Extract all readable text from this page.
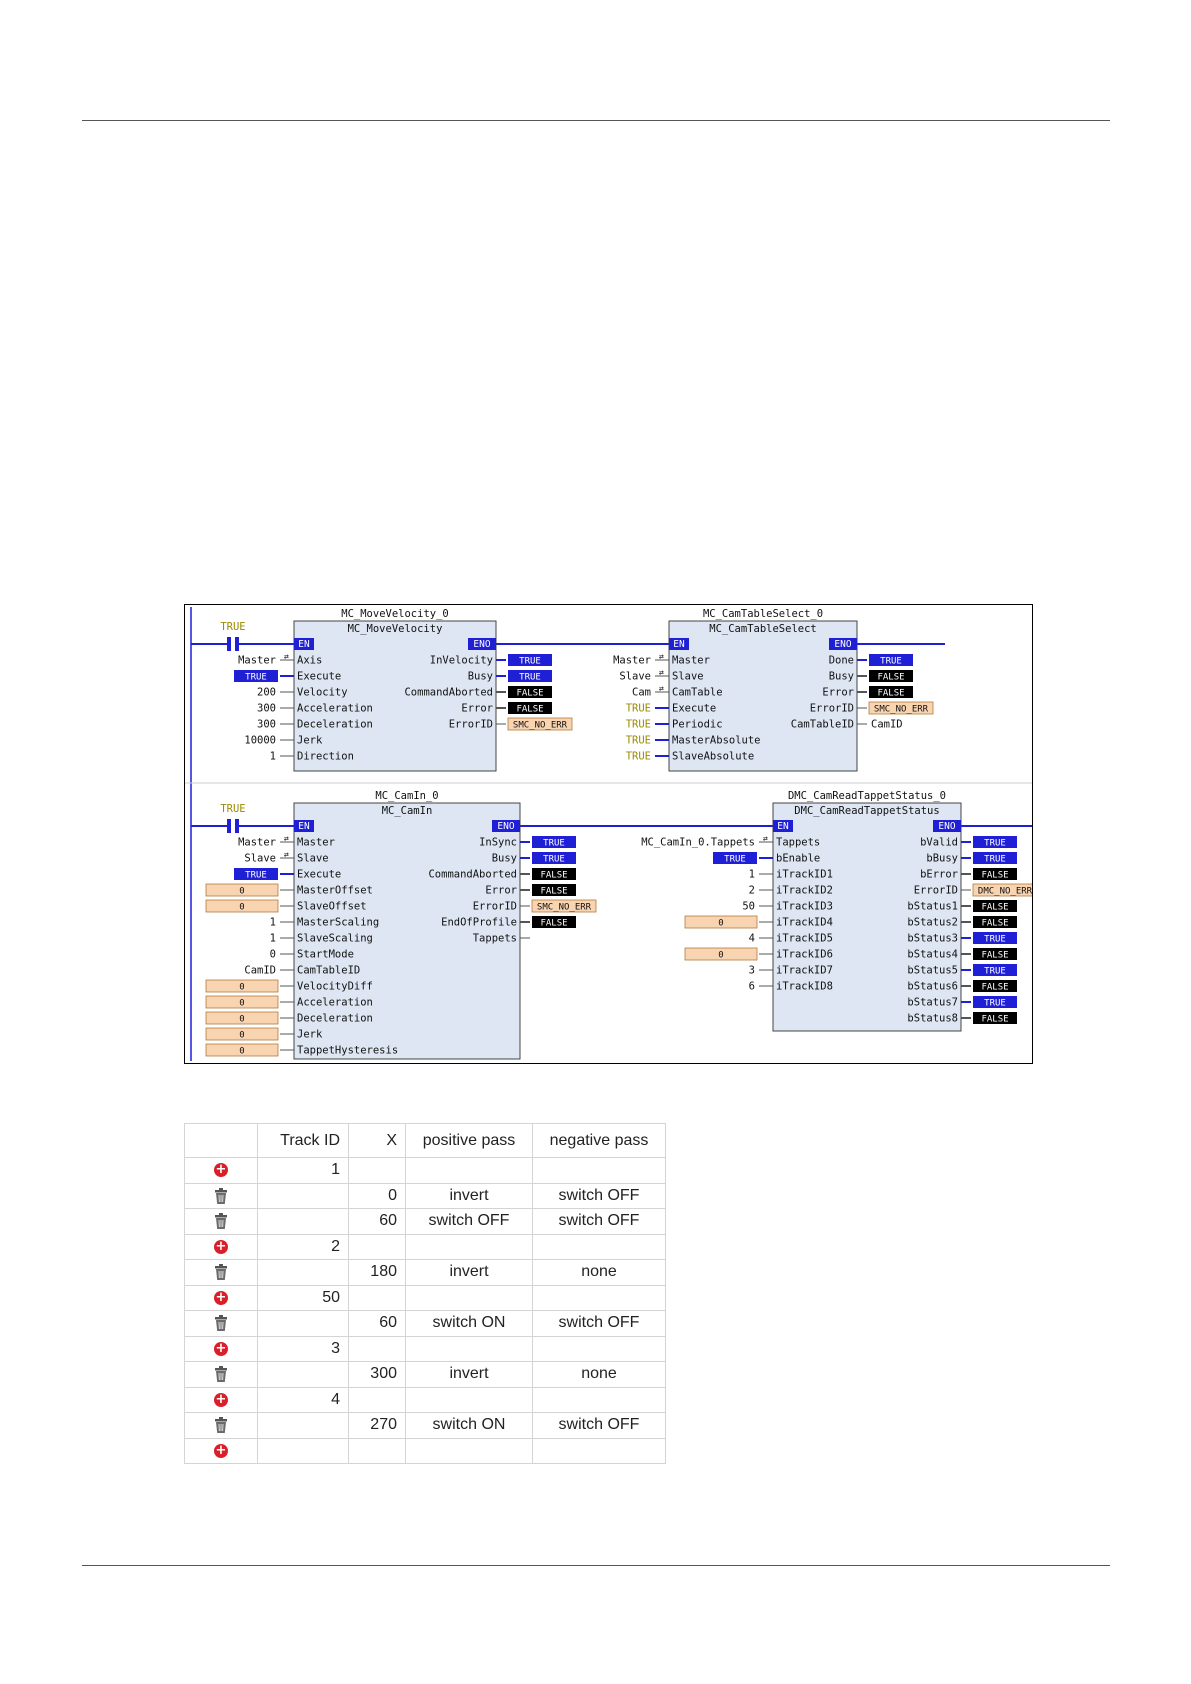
TRUE
MC_MoveVelocity_0
MC_MoveVelocity
EN	ENO
Axis
⇄
Master
Execute
TRUE
Velocity
200
Acceleration
300
Deceleration
300
Jerk
10000
Direction
1
InVelocity	TRUE
Busy	TRUE
CommandAborted	FALSE
Error	FALSE
ErrorID SMC_NO_ERR
MC_CamTableSelect_0
MC_CamTableSelect
EN	ENO
Master
⇄
Master
Slave
⇄
Slave
CamTable
⇄
Cam
Execute
TRUE
Periodic
TRUE
MasterAbsolute
TRUE
SlaveAbsolute
TRUE
Done	TRUE
Busy	FALSE
Error	FALSE
ErrorID SMC_NO_ERR
CamTableID CamID
TRUE
MC_CamIn_0
MC_CamIn
EN	ENO
Master
⇄
Master
Slave
⇄
Slave
Execute
TRUE
MasterOffset
0
SlaveOffset
0
MasterScaling
1
SlaveScaling
1
StartMode
0
CamTableID
CamID
VelocityDiff
0
Acceleration
0
Deceleration
0
Jerk
0
TappetHysteresis
0
InSync	TRUE
Busy	TRUE
CommandAborted	FALSE
Error	FALSE
ErrorID SMC_NO_ERR
EndOfProfile	FALSE
Tappets
DMC_CamReadTappetStatus_0
DMC_CamReadTappetStatus
EN	ENO
Tappets
⇄
MC_CamIn_0.Tappets
bEnable
TRUE
iTrackID1
1
iTrackID2
2
iTrackID3
50
iTrackID4
0
iTrackID5
4
iTrackID6
0
iTrackID7
3
iTrackID8
6
bValid	TRUE
bBusy	TRUE
bError	FALSE
ErrorID DMC_NO_ERR
bStatus1	FALSE
bStatus2	FALSE
bStatus3	TRUE
bStatus4	FALSE
bStatus5	TRUE
bStatus6	FALSE
bStatus7	TRUE
bStatus8	FALSE
	Track ID	X	positive pass	negative pass
+	1			
		0	invert	switch OFF
		60	switch OFF	switch OFF
+	2			
		180	invert	none
+	50			
		60	switch ON	switch OFF
+	3			
		300	invert	none
+	4			
		270	switch ON	switch OFF
+				
